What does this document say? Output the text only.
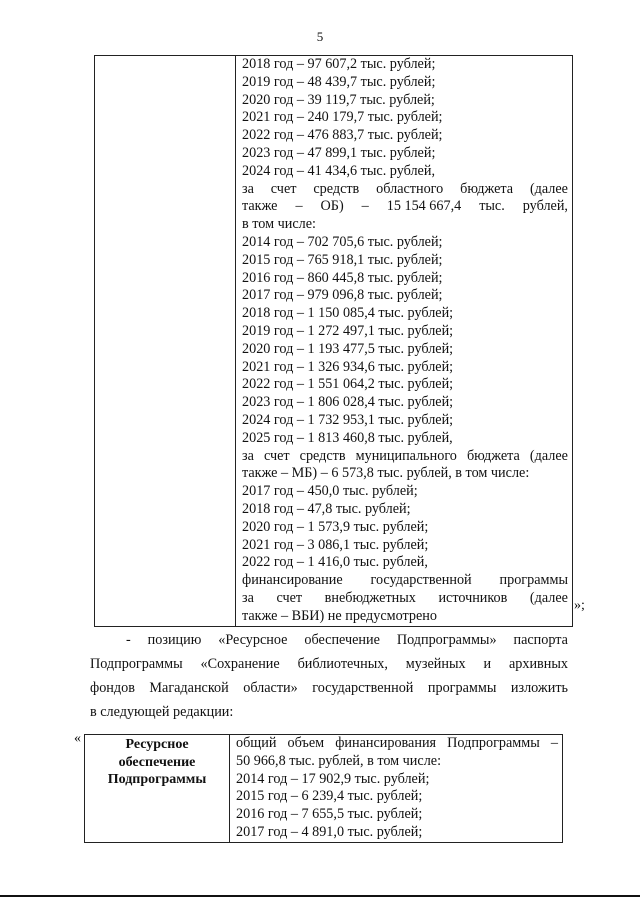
5

2018 год – 97 607,2 тыс. рублей;
2019 год – 48 439,7 тыс. рублей;
2020 год – 39 119,7 тыс. рублей;
2021 год – 240 179,7 тыс. рублей;
2022 год – 476 883,7 тыс. рублей;
2023 год – 47 899,1 тыс. рублей;
2024 год – 41 434,6 тыс. рублей,
за счет средств областного бюджета (далее
также – ОБ) – 15 154 667,4 тыс. рублей,
в том числе:
2014 год – 702 705,6 тыс. рублей;
2015 год – 765 918,1 тыс. рублей;
2016 год – 860 445,8 тыс. рублей;
2017 год – 979 096,8 тыс. рублей;
2018 год – 1 150 085,4 тыс. рублей;
2019 год – 1 272 497,1 тыс. рублей;
2020 год – 1 193 477,5 тыс. рублей;
2021 год – 1 326 934,6 тыс. рублей;
2022 год – 1 551 064,2 тыс. рублей;
2023 год – 1 806 028,4 тыс. рублей;
2024 год – 1 732 953,1 тыс. рублей;
2025 год – 1 813 460,8 тыс. рублей,
за счет средств муниципального бюджета (далее
также – МБ) – 6 573,8 тыс. рублей, в том числе:
2017 год – 450,0 тыс. рублей;
2018 год – 47,8 тыс. рублей;
2020 год – 1 573,9 тыс. рублей;
2021 год – 3 086,1 тыс. рублей;
2022 год – 1 416,0 тыс. рублей,
финансирование государственной программы
за счет внебюджетных источников (далее
также – ВБИ) не предусмотрено
»;
- позицию «Ресурсное обеспечение Подпрограммы» паспорта
Подпрограммы «Сохранение библиотечных, музейных и архивных
фондов Магаданской области» государственной программы изложить
в следующей редакции:
«	Ресурсное
обеспечение
Подпрограммы

общий объем финансирования Подпрограммы –
50 966,8 тыс. рублей, в том числе:
2014 год – 17 902,9 тыс. рублей;
2015 год – 6 239,4 тыс. рублей;
2016 год – 7 655,5 тыс. рублей;
2017 год – 4 891,0 тыс. рублей;
